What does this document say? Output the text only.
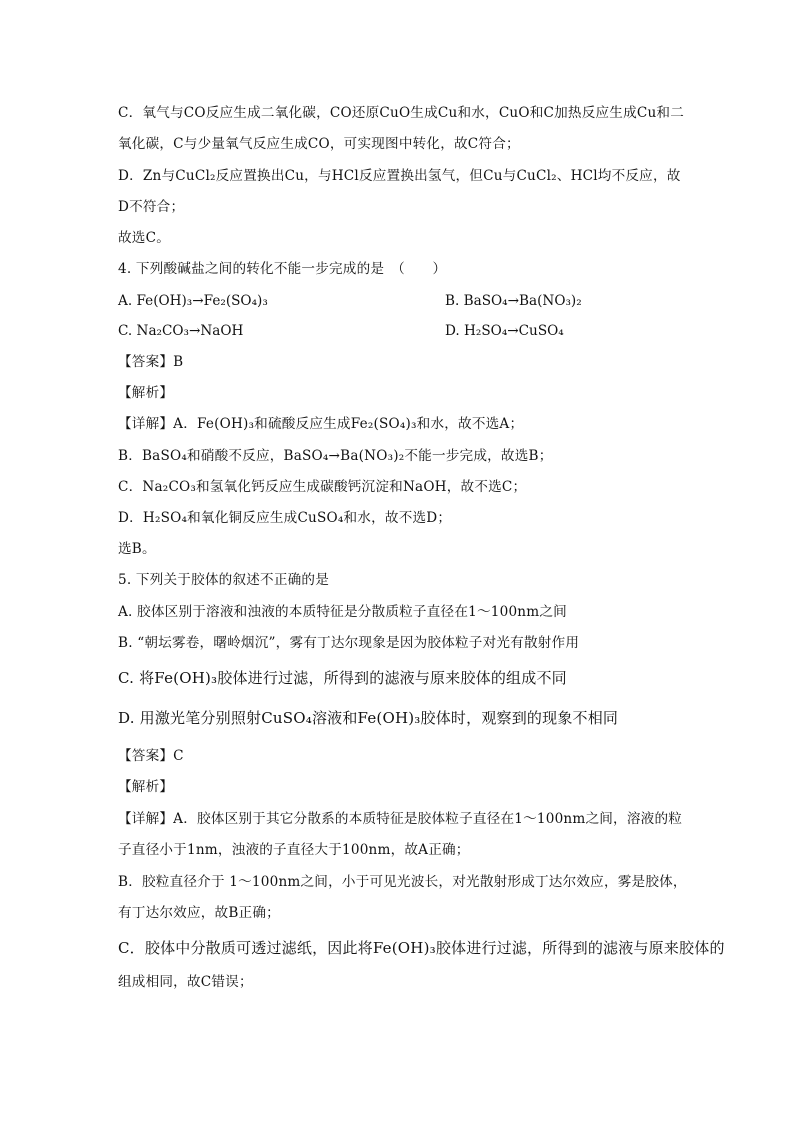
C．氧气与CO反应生成二氧化碳，CO还原CuO生成Cu和水，CuO和C加热反应生成Cu和二
氧化碳，C与少量氧气反应生成CO，可实现图中转化，故C符合；
D．Zn与CuCl₂反应置换出Cu，与HCl反应置换出氢气，但Cu与CuCl₂、HCl均不反应，故
D不符合；
故选C。
4. 下列酸碱盐之间的转化不能一步完成的是　（　　）
A. Fe(OH)₃→Fe₂(SO₄)₃	B. BaSO₄→Ba(NO₃)₂
C. Na₂CO₃→NaOH	D. H₂SO₄→CuSO₄
【答案】B
【解析】
【详解】A．Fe(OH)₃和硫酸反应生成Fe₂(SO₄)₃和水，故不选A；
B．BaSO₄和硝酸不反应，BaSO₄→Ba(NO₃)₂不能一步完成，故选B；
C．Na₂CO₃和氢氧化钙反应生成碳酸钙沉淀和NaOH，故不选C；
D．H₂SO₄和氧化铜反应生成CuSO₄和水，故不选D；
选B。
5. 下列关于胶体的叙述不正确的是
A. 胶体区别于溶液和浊液的本质特征是分散质粒子直径在1～100nm之间
B. “朝坛雾卷，曙岭烟沉”，雾有丁达尔现象是因为胶体粒子对光有散射作用
C. 将Fe(OH)₃胶体进行过滤，所得到的滤液与原来胶体的组成不同
D. 用激光笔分别照射CuSO₄溶液和Fe(OH)₃胶体时，观察到的现象不相同
【答案】C
【解析】
【详解】A．胶体区别于其它分散系的本质特征是胶体粒子直径在1～100nm之间，溶液的粒
子直径小于1nm，浊液的子直径大于100nm，故A正确；
B．胶粒直径介于 1～100nm之间，小于可见光波长，对光散射形成丁达尔效应，雾是胶体，
有丁达尔效应，故B正确；
C．胶体中分散质可透过滤纸，因此将Fe(OH)₃胶体进行过滤，所得到的滤液与原来胶体的
组成相同，故C错误；
